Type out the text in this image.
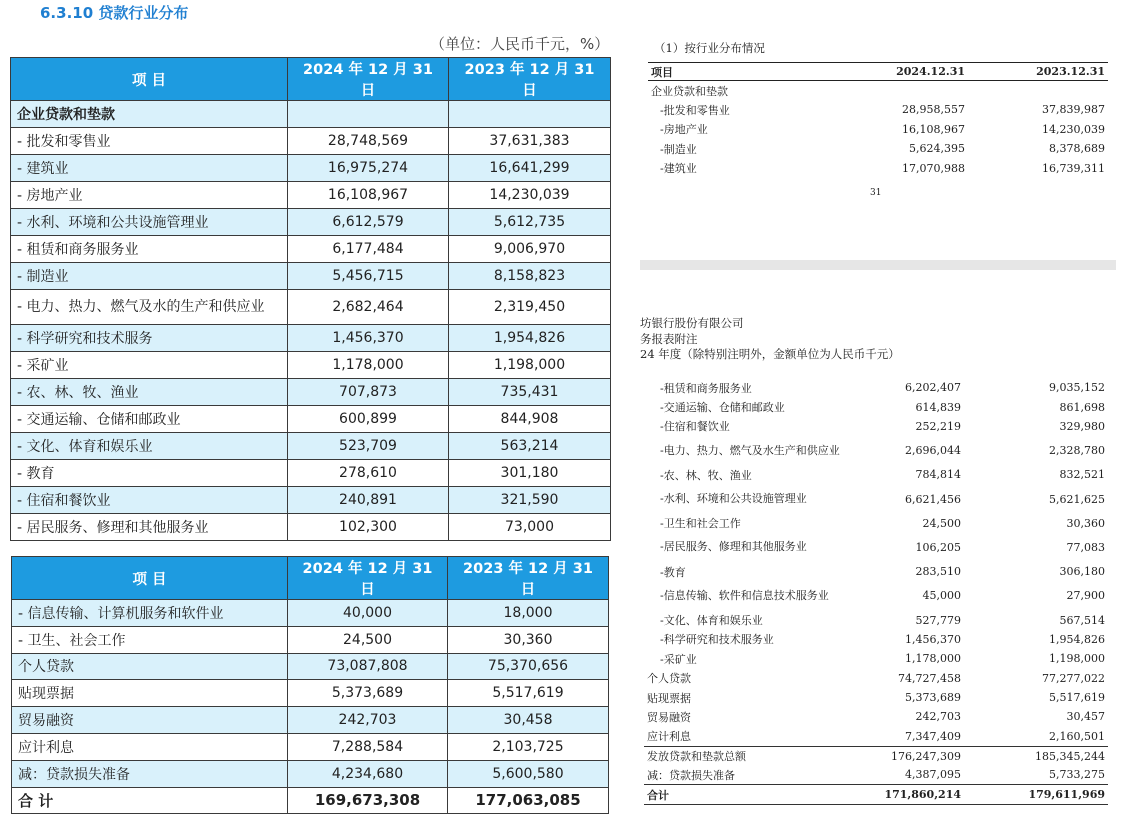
6.3.10 贷款行业分布
（单位：人民币千元，%）
项 目	2024 年 12 月 31 日	2023 年 12 月 31 日
企业贷款和垫款		
- 批发和零售业	28,748,569	37,631,383
- 建筑业	16,975,274	16,641,299
- 房地产业	16,108,967	14,230,039
- 水利、环境和公共设施管理业	6,612,579	5,612,735
- 租赁和商务服务业	6,177,484	9,006,970
- 制造业	5,456,715	8,158,823
- 电力、热力、燃气及水的生产和供应业	2,682,464	2,319,450
- 科学研究和技术服务	1,456,370	1,954,826
- 采矿业	1,178,000	1,198,000
- 农、林、牧、渔业	707,873	735,431
- 交通运输、仓储和邮政业	600,899	844,908
- 文化、体育和娱乐业	523,709	563,214
- 教育	278,610	301,180
- 住宿和餐饮业	240,891	321,590
- 居民服务、修理和其他服务业	102,300	73,000
项 目	2024 年 12 月 31 日	2023 年 12 月 31 日
- 信息传输、计算机服务和软件业	40,000	18,000
- 卫生、社会工作	24,500	30,360
个人贷款	73,087,808	75,370,656
贴现票据	5,373,689	5,517,619
贸易融资	242,703	30,458
应计利息	7,288,584	2,103,725
减：贷款损失准备	4,234,680	5,600,580
合 计	169,673,308	177,063,085
（1）按行业分布情况
项目	2024.12.31	2023.12.31
企业贷款和垫款		
-批发和零售业	28,958,557	37,839,987
-房地产业	16,108,967	14,230,039
-制造业	5,624,395	8,378,689
-建筑业	17,070,988	16,739,311
31
坊银行股份有限公司
务报表附注
24 年度（除特别注明外，金额单位为人民币千元）
-租赁和商务服务业	6,202,407	9,035,152
-交通运输、仓储和邮政业	614,839	861,698
-住宿和餐饮业	252,219	329,980
-电力、热力、燃气及水生产和供应业	2,696,044	2,328,780
-农、林、牧、渔业	784,814	832,521
-水利、环境和公共设施管理业	6,621,456	5,621,625
-卫生和社会工作	24,500	30,360
-居民服务、修理和其他服务业	106,205	77,083
-教育	283,510	306,180
-信息传输、软件和信息技术服务业	45,000	27,900
-文化、体育和娱乐业	527,779	567,514
-科学研究和技术服务业	1,456,370	1,954,826
-采矿业	1,178,000	1,198,000
个人贷款	74,727,458	77,277,022
贴现票据	5,373,689	5,517,619
贸易融资	242,703	30,457
应计利息	7,347,409	2,160,501
发放贷款和垫款总额	176,247,309	185,345,244
减：贷款损失准备	4,387,095	5,733,275
合计	171,860,214	179,611,969
